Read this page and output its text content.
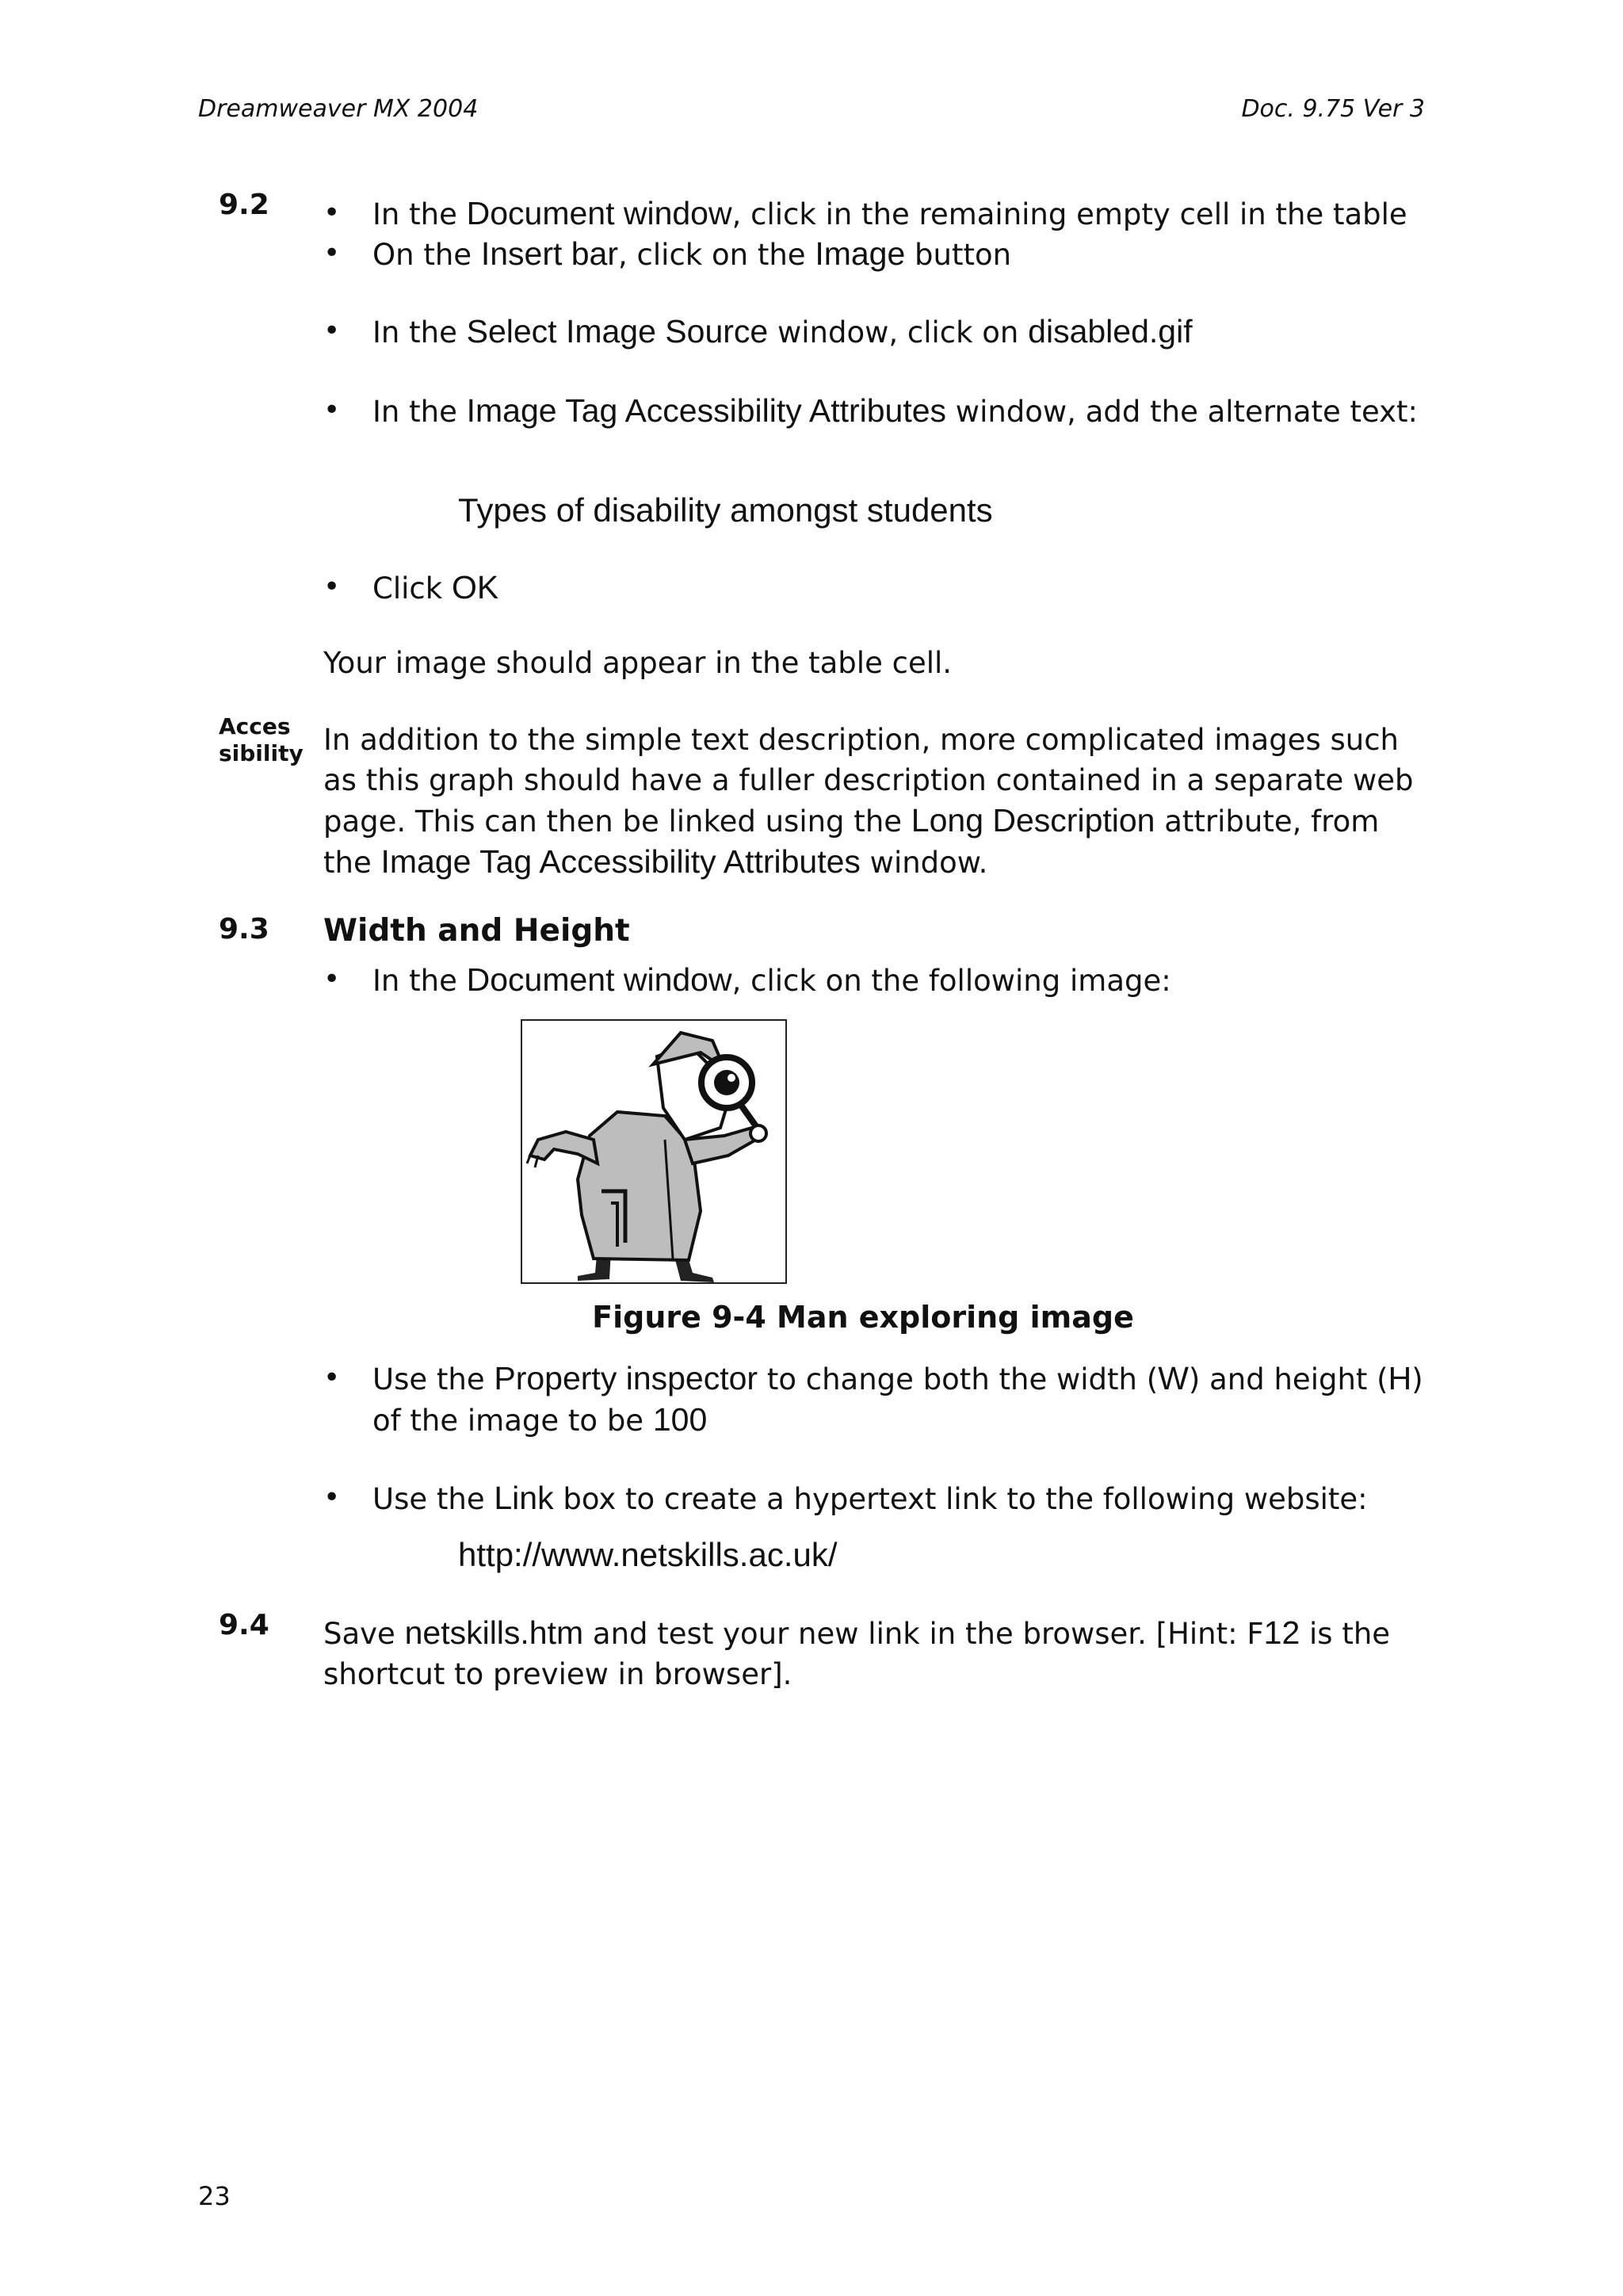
Dreamweaver MX 2004	Doc. 9.75 Ver 3
9.2 • In the Document window, click in the remaining empty cell in the table
• On the Insert bar, click on the Image button
• In the Select Image Source window, click on disabled.gif
• In the Image Tag Accessibility Attributes window, add the alternate text:
Types of disability amongst students
• Click OK
Your image should appear in the table cell.
Acces
sibility In addition to the simple text description, more complicated images such as this graph should have a fuller description contained in a separate web page. This can then be linked using the Long Description attribute, from the Image Tag Accessibility Attributes window.
9.3 Width and Height
• In the Document window, click on the following image:
Figure 9-4 Man exploring image
• Use the Property inspector to change both the width (W) and height (H) of the image to be 100
• Use the Link box to create a hypertext link to the following website:
http://www.netskills.ac.uk/
9.4 Save netskills.htm and test your new link in the browser. [Hint: F12 is the shortcut to preview in browser].
23
